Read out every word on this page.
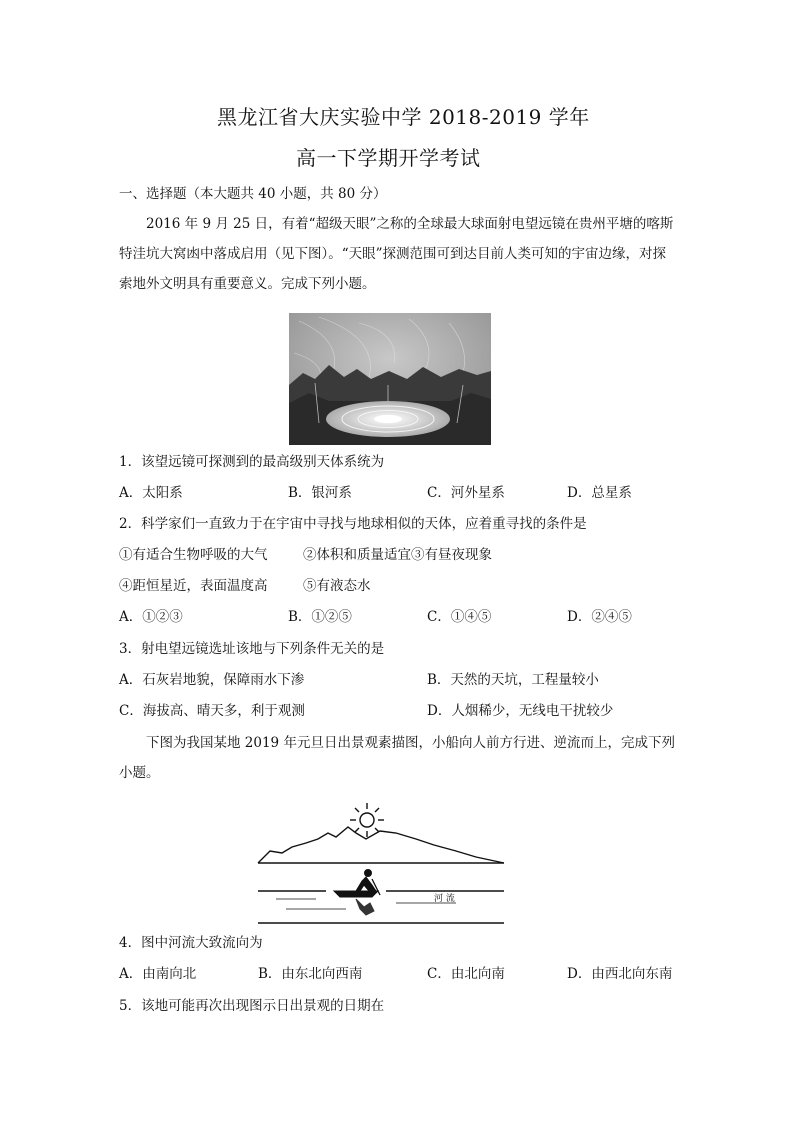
黑龙江省大庆实验中学 2018-2019 学年
高一下学期开学考试
一、选择题（本大题共 40 小题，共 80 分）
2016 年 9 月 25 日，有着“超级天眼”之称的全球最大球面射电望远镜在贵州平塘的喀斯特洼坑大窝凼中落成启用（见下图）。“天眼”探测范围可到达目前人类可知的宇宙边缘，对探索地外文明具有重要意义。完成下列小题。
1．该望远镜可探测到的最高级别天体系统为
A．太阳系	B．银河系	C．河外星系	D．总星系
2．科学家们一直致力于在宇宙中寻找与地球相似的天体，应着重寻找的条件是
①有适合生物呼吸的大气	②体积和质量适宜③有昼夜现象
④距恒星近，表面温度高	⑤有液态水
A．①②③	B．①②⑤	C．①④⑤	D．②④⑤
3．射电望远镜选址该地与下列条件无关的是
A．石灰岩地貌，保障雨水下渗	B．天然的天坑，工程量较小
C．海拔高、晴天多，利于观测	D．人烟稀少，无线电干扰较少
下图为我国某地 2019 年元旦日出景观素描图，小船向人前方行进、逆流而上，完成下列小题。
河 流
4．图中河流大致流向为
A．由南向北	B．由东北向西南	C．由北向南	D．由西北向东南
5．该地可能再次出现图示日出景观的日期在
